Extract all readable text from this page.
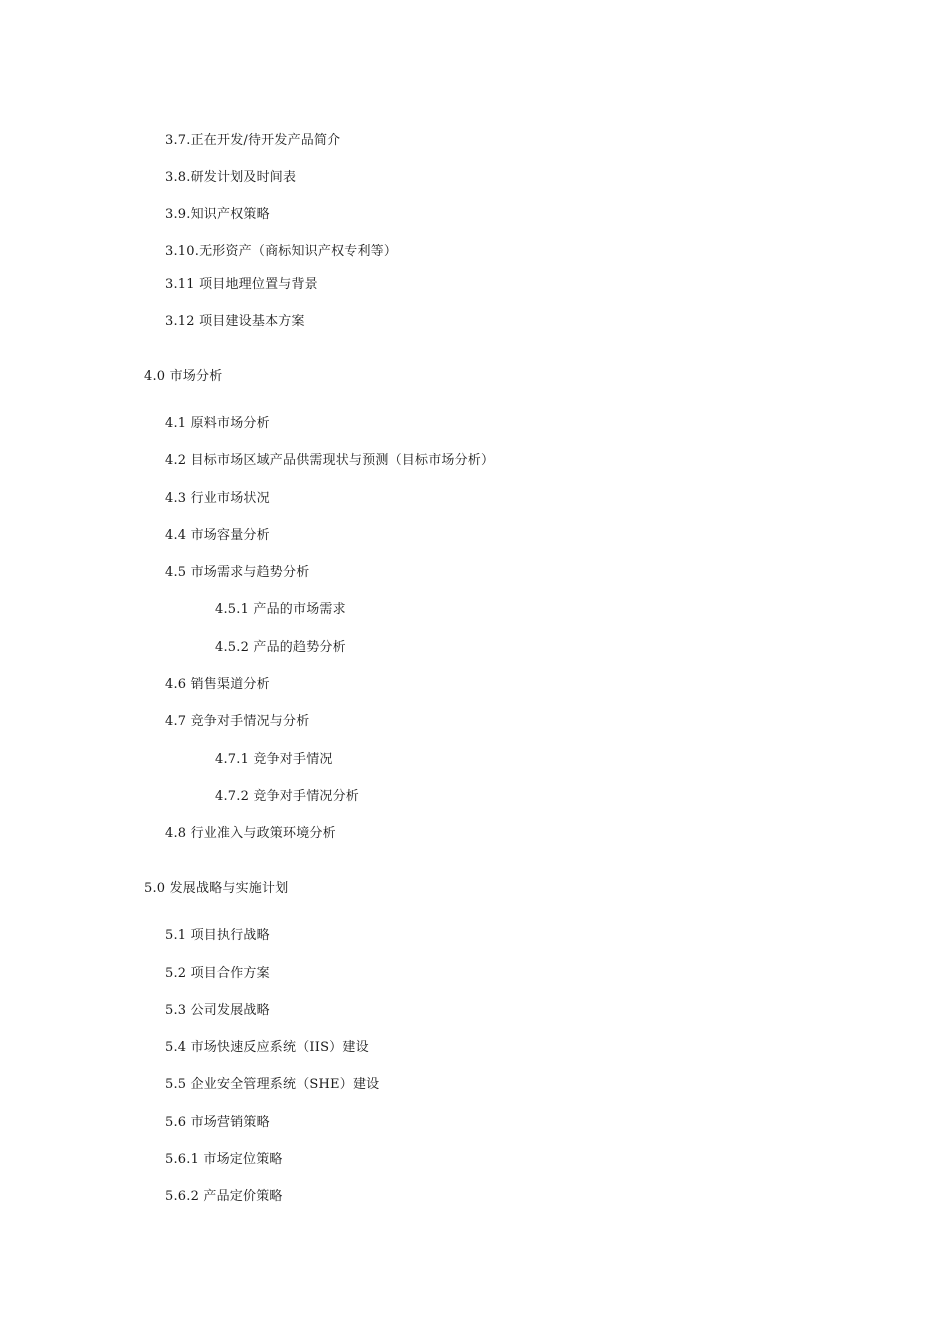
3.7.正在开发/待开发产品简介
3.8.研发计划及时间表
3.9.知识产权策略
3.10.无形资产（商标知识产权专利等）
3.11 项目地理位置与背景
3.12 项目建设基本方案
4.0 市场分析
4.1 原料市场分析
4.2 目标市场区域产品供需现状与预测（目标市场分析）
4.3 行业市场状况
4.4 市场容量分析
4.5 市场需求与趋势分析
4.5.1 产品的市场需求
4.5.2 产品的趋势分析
4.6 销售渠道分析
4.7 竞争对手情况与分析
4.7.1 竞争对手情况
4.7.2 竞争对手情况分析
4.8 行业准入与政策环境分析
5.0 发展战略与实施计划
5.1 项目执行战略
5.2 项目合作方案
5.3 公司发展战略
5.4 市场快速反应系统（IIS）建设
5.5 企业安全管理系统（SHE）建设
5.6 市场营销策略
5.6.1 市场定位策略
5.6.2 产品定价策略
